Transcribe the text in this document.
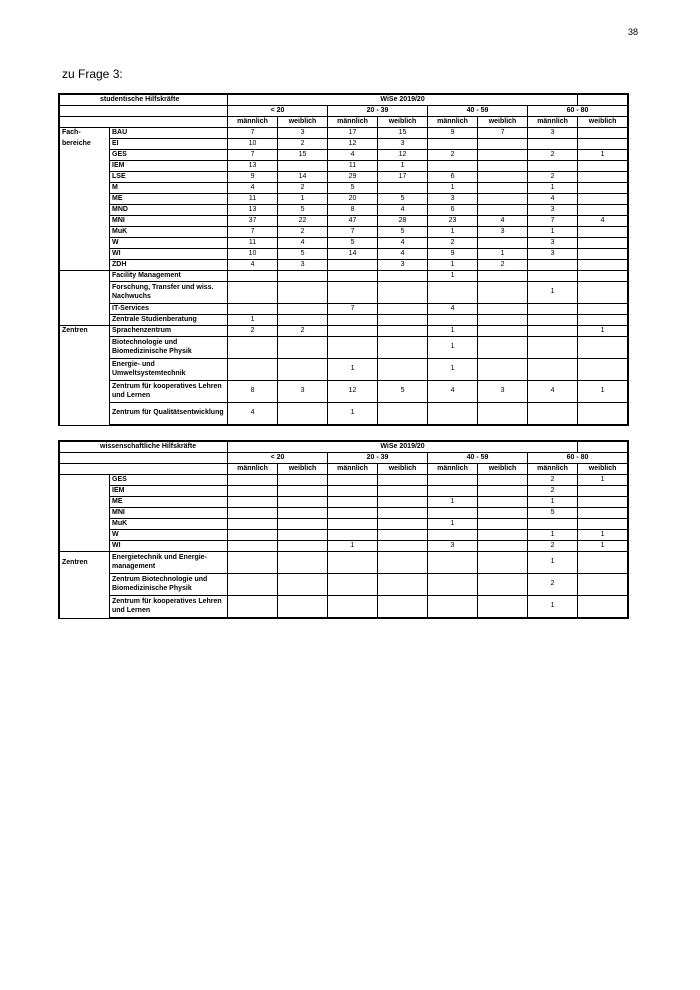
38
zu Frage 3:
studentische Hilfskräfte		WiSe 2019/20							
		< 20		20 - 39		40 - 59		60 - 80	
		männlich	weiblich	männlich	weiblich	männlich	weiblich	männlich	weiblich
Fach-	BAU	7	3	17	15	9	7	3	
bereiche	EI	10	2	12	3				
	GES	7	15	4	12	2		2	1
	IEM	13		11	1				
	LSE	9	14	29	17	6		2	
	M	4	2	5		1		1	
	ME	11	1	20	5	3		4	
	MND	13	5	8	4	6		3	
	MNI	37	22	47	28	23	4	7	4
	MuK	7	2	7	5	1	3	1	
	W	11	4	5	4	2		3	
	WI	10	5	14	4	9	1	3	
	ZDH	4	3		3	1	2		
	Facility Management					1			
	Forschung, Transfer und wiss. Nachwuchs							1	
	IT-Services			7		4			
	Zentrale Studienberatung	1							
Zentren	Sprachenzentrum	2	2			1			1
	Biotechnologie und Biomedizinische Physik					1			
	Energie- und Umweltsystemtechnik			1		1			
	Zentrum für kooperatives Lehren und Lernen	8	3	12	5	4	3	4	1
	Zentrum für Qualitätsentwicklung	4		1					
wissenschaftliche Hilfskräfte		WiSe 2019/20							
		< 20		20 - 39		40 - 59		60 - 80	
		männlich	weiblich	männlich	weiblich	männlich	weiblich	männlich	weiblich
	GES							2	1
	IEM							2	
	ME					1		1	
	MNI							5	
	MuK					1			
	W							1	1
	WI			1		3		2	1
Zentren	Energietechnik und Energie- management							1	
	Zentrum Biotechnologie und Biomedizinische Physik							2	
	Zentrum für kooperatives Lehren und Lernen							1	
